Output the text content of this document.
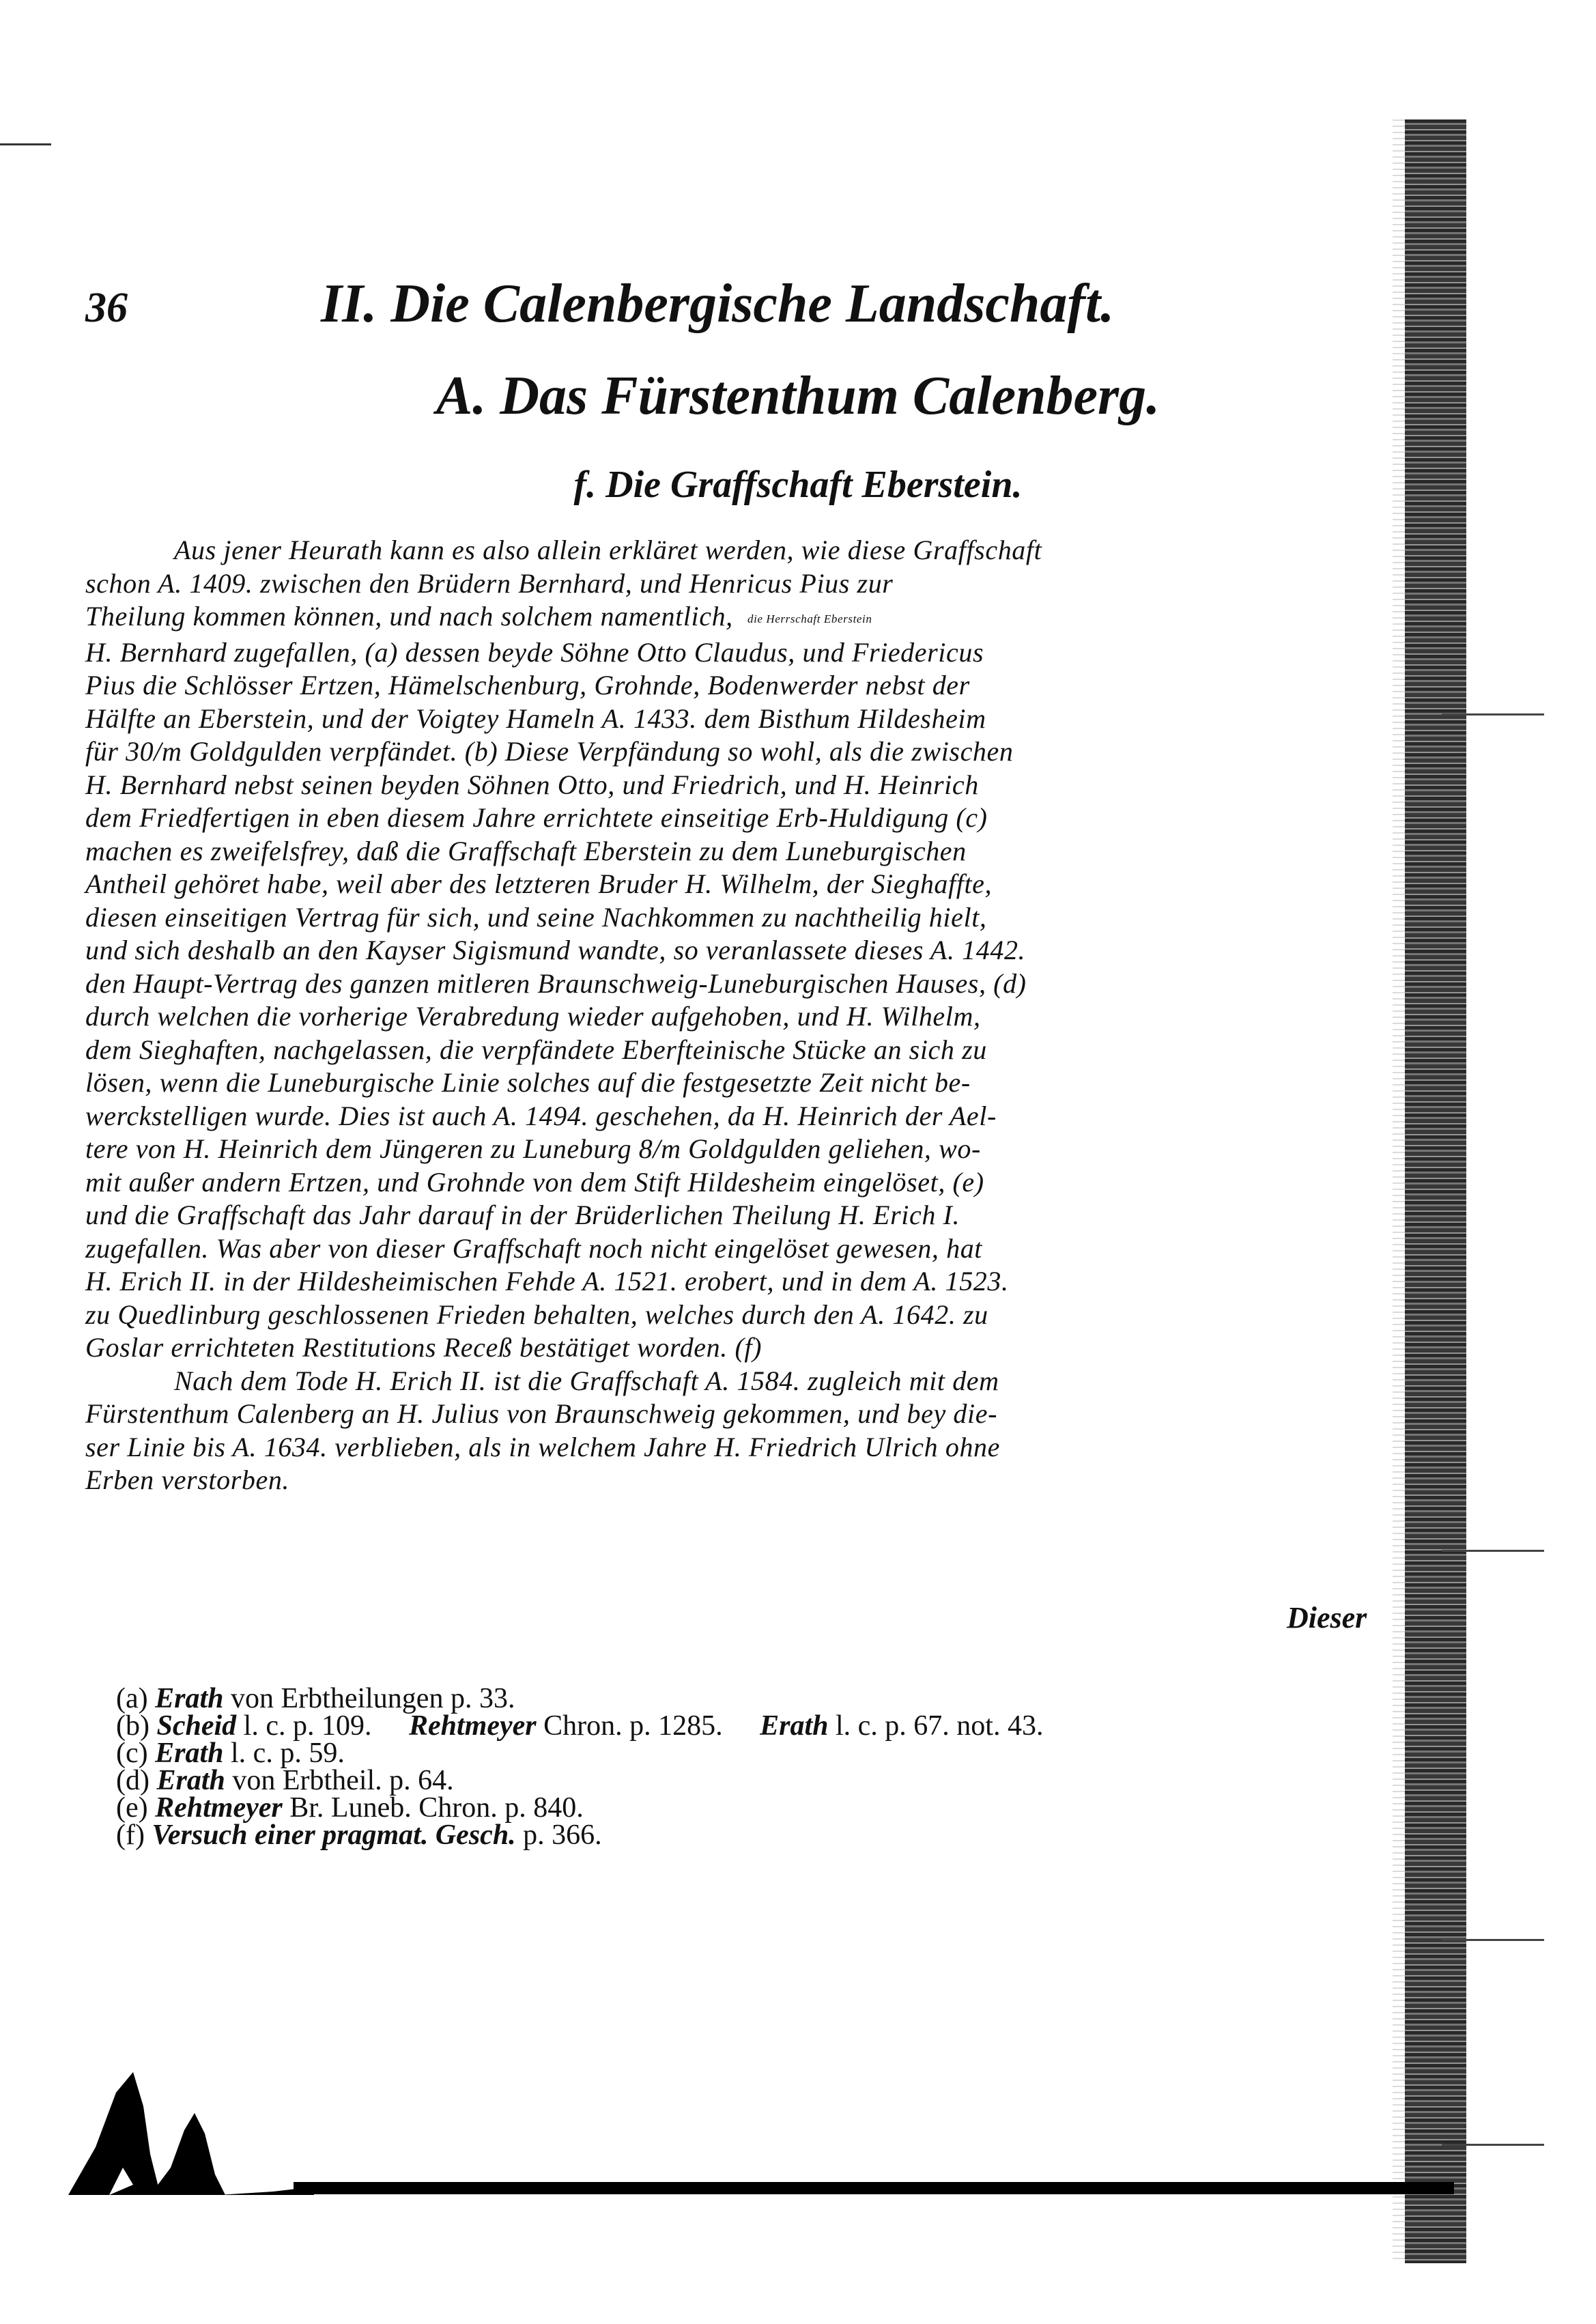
36	II. Die Calenbergische Landschaft.
A. Das Fürstenthum Calenberg.
f. Die Graffschaft Eberstein.
Aus jener Heurath kann es also allein erkläret werden, wie diese Graffschaft
schon A. 1409. zwischen den Brüdern Bernhard, und Henricus Pius zur
Theilung kommen können, und nach solchem namentlich, die Herrschaft Eberstein
H. Bernhard zugefallen, (a) dessen beyde Söhne Otto Claudus, und Friedericus
Pius die Schlösser Ertzen, Hämelschenburg, Grohnde, Bodenwerder nebst der
Hälfte an Eberstein, und der Voigtey Hameln A. 1433. dem Bisthum Hildesheim
für 30/m Goldgulden verpfändet. (b) Diese Verpfändung so wohl, als die zwischen
H. Bernhard nebst seinen beyden Söhnen Otto, und Friedrich, und H. Heinrich
dem Friedfertigen in eben diesem Jahre errichtete einseitige Erb-Huldigung (c)
machen es zweifelsfrey, daß die Graffschaft Eberstein zu dem Luneburgischen
Antheil gehöret habe, weil aber des letzteren Bruder H. Wilhelm, der Sieghaffte,
diesen einseitigen Vertrag für sich, und seine Nachkommen zu nachtheilig hielt,
und sich deshalb an den Kayser Sigismund wandte, so veranlassete dieses A. 1442.
den Haupt-Vertrag des ganzen mitleren Braunschweig-Luneburgischen Hauses, (d)
durch welchen die vorherige Verabredung wieder aufgehoben, und H. Wilhelm,
dem Sieghaften, nachgelassen, die verpfändete Eberfteinische Stücke an sich zu
lösen, wenn die Luneburgische Linie solches auf die festgesetzte Zeit nicht be-
werckstelligen wurde. Dies ist auch A. 1494. geschehen, da H. Heinrich der Ael-
tere von H. Heinrich dem Jüngeren zu Luneburg 8/m Goldgulden geliehen, wo-
mit außer andern Ertzen, und Grohnde von dem Stift Hildesheim eingelöset, (e)
und die Graffschaft das Jahr darauf in der Brüderlichen Theilung H. Erich I.
zugefallen. Was aber von dieser Graffschaft noch nicht eingelöset gewesen, hat
H. Erich II. in der Hildesheimischen Fehde A. 1521. erobert, und in dem A. 1523.
zu Quedlinburg geschlossenen Frieden behalten, welches durch den A. 1642. zu
Goslar errichteten Restitutions Receß bestätiget worden. (f)
Nach dem Tode H. Erich II. ist die Graffschaft A. 1584. zugleich mit dem
Fürstenthum Calenberg an H. Julius von Braunschweig gekommen, und bey die-
ser Linie bis A. 1634. verblieben, als in welchem Jahre H. Friedrich Ulrich ohne
Erben verstorben.
Dieser
(a) Erath von Erbtheilungen p. 33.
(b) Scheid l. c. p. 109. Rehtmeyer Chron. p. 1285. Erath l. c. p. 67. not. 43.
(c) Erath l. c. p. 59.
(d) Erath von Erbtheil. p. 64.
(e) Rehtmeyer Br. Luneb. Chron. p. 840.
(f) Versuch einer pragmat. Gesch. p. 366.
